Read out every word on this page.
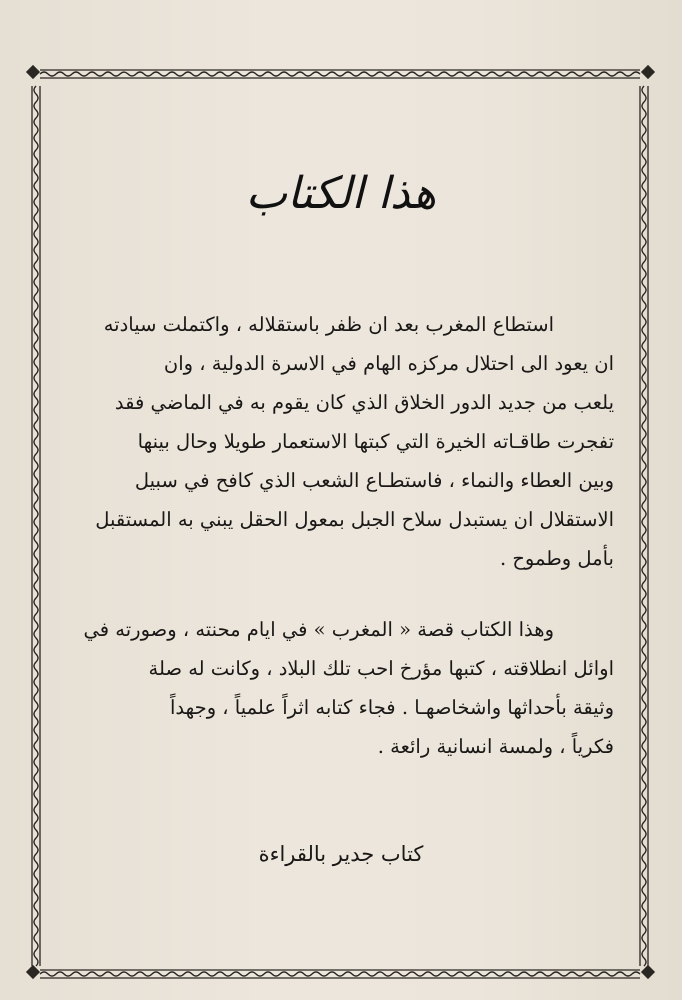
هذا الكتاب
استطاع المغرب بعد ان ظفر باستقلاله ، واكتملت سيادته
ان يعود الى احتلال مركزه الهام في الاسرة الدولية ، وان
يلعب من جديد الدور الخلاق الذي كان يقوم به في الماضي فقد
تفجرت طاقـاته الخيرة التي كبتها الاستعمار طويلا وحال بينها
وبين العطاء والنماء ، فاستطـاع الشعب الذي كافح في سبيل
الاستقلال ان يستبدل سلاح الجبل بمعول الحقل يبني به المستقبل
بأمل وطموح .
وهذا الكتاب قصة « المغرب » في ايام محنته ، وصورته في
اوائل انطلاقته ، كتبها مؤرخ احب تلك البلاد ، وكانت له صلة
وثيقة بأحداثها واشخاصهـا . فجاء كتابه اثراً علمياً ، وجهداً
فكرياً ، ولمسة انسانية رائعة .
كتاب جدير بالقراءة
